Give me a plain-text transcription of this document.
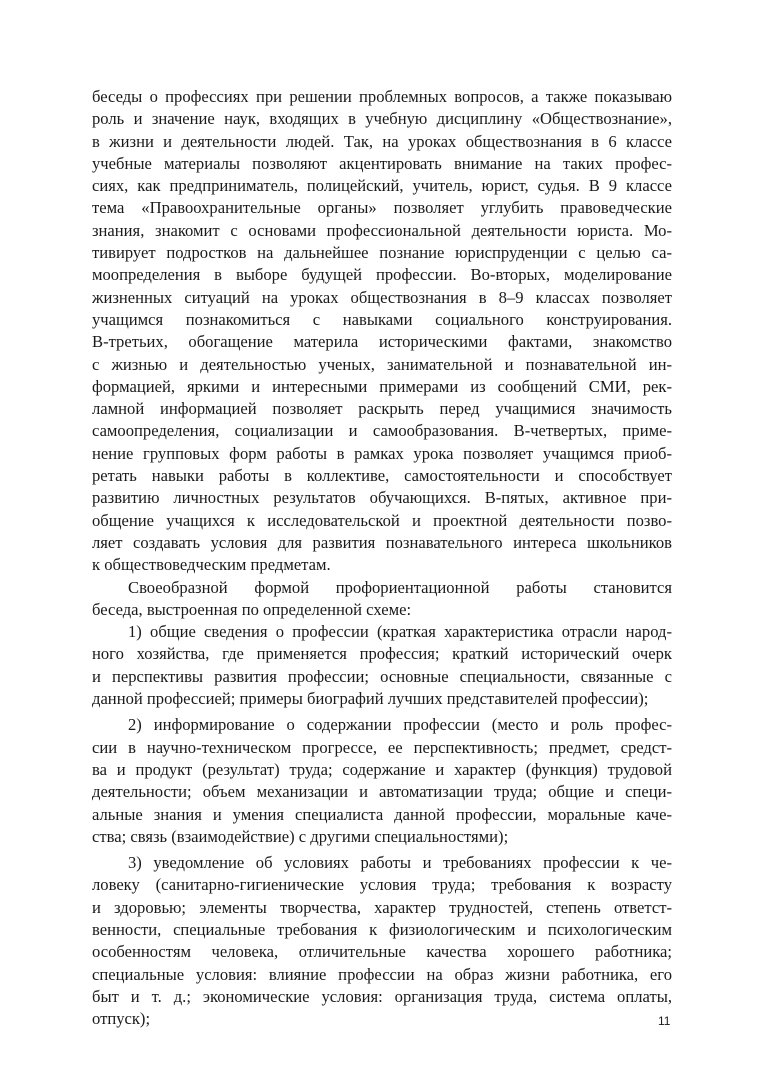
беседы о профессиях при решении проблемных вопросов, а также показываю
роль и значение наук, входящих в учебную дисциплину «Обществознание»,
в жизни и деятельности людей. Так, на уроках обществознания в 6 классе
учебные материалы позволяют акцентировать внимание на таких профес-
сиях, как предприниматель, полицейский, учитель, юрист, судья. В 9 классе
тема «Правоохранительные органы» позволяет углубить правоведческие
знания, знакомит с основами профессиональной деятельности юриста. Мо-
тивирует подростков на дальнейшее познание юриспруденции с целью са-
моопределения в выборе будущей профессии. Во-вторых, моделирование
жизненных ситуаций на уроках обществознания в 8–9 классах позволяет
учащимся познакомиться с навыками социального конструирования.
В-третьих, обогащение материла историческими фактами, знакомство
с жизнью и деятельностью ученых, занимательной и познавательной ин-
формацией, яркими и интересными примерами из сообщений СМИ, рек-
ламной информацией позволяет раскрыть перед учащимися значимость
самоопределения, социализации и самообразования. В-четвертых, приме-
нение групповых форм работы в рамках урока позволяет учащимся приоб-
ретать навыки работы в коллективе, самостоятельности и способствует
развитию личностных результатов обучающихся. В-пятых, активное при-
общение учащихся к исследовательской и проектной деятельности позво-
ляет создавать условия для развития познавательного интереса школьников
к обществоведческим предметам.
Своеобразной формой профориентационной работы становится
беседа, выстроенная по определенной схеме:
1) общие сведения о профессии (краткая характеристика отрасли народ-
ного хозяйства, где применяется профессия; краткий исторический очерк
и перспективы развития профессии; основные специальности, связанные с
данной профессией; примеры биографий лучших представителей профессии);
2) информирование о содержании профессии (место и роль профес-
сии в научно-техническом прогрессе, ее перспективность; предмет, средст-
ва и продукт (результат) труда; содержание и характер (функция) трудовой
деятельности; объем механизации и автоматизации труда; общие и специ-
альные знания и умения специалиста данной профессии, моральные каче-
ства; связь (взаимодействие) с другими специальностями);
3) уведомление об условиях работы и требованиях профессии к че-
ловеку (санитарно-гигиенические условия труда; требования к возрасту
и здоровью; элементы творчества, характер трудностей, степень ответст-
венности, специальные требования к физиологическим и психологическим
особенностям человека, отличительные качества хорошего работника;
специальные условия: влияние профессии на образ жизни работника, его
быт и т. д.; экономические условия: организация труда, система оплаты,
отпуск);	11
